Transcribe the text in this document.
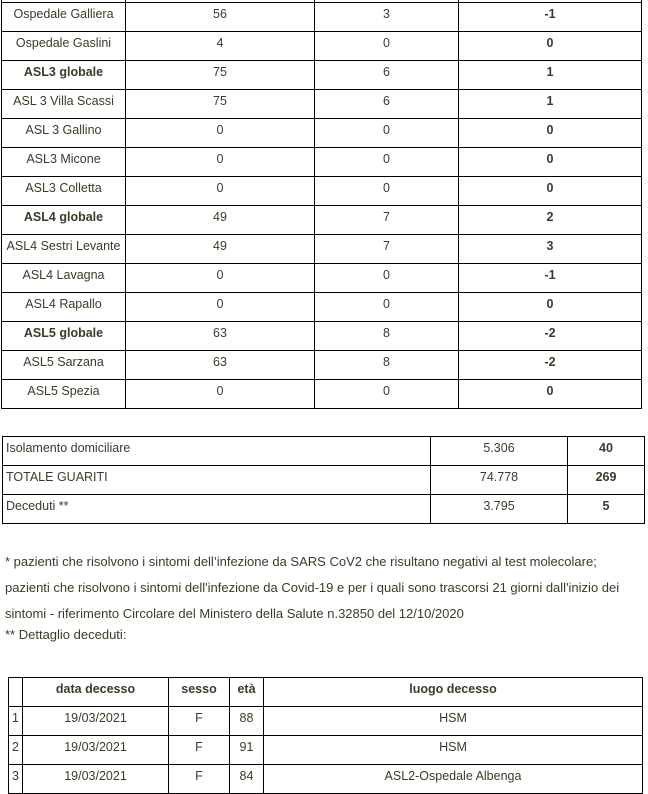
Ospedale Galliera	56	3	-1
Ospedale Gaslini	4	0	0
ASL3 globale	75	6	1
ASL 3 Villa Scassi	75	6	1
ASL 3 Gallino	0	0	0
ASL3 Micone	0	0	0
ASL3 Colletta	0	0	0
ASL4 globale	49	7	2
ASL4 Sestri Levante	49	7	3
ASL4 Lavagna	0	0	-1
ASL4 Rapallo	0	0	0
ASL5 globale	63	8	-2
ASL5 Sarzana	63	8	-2
ASL5 Spezia	0	0	0
Isolamento domiciliare	5.306	40
TOTALE GUARITI	74.778	269
Deceduti **	3.795	5

* pazienti che risolvono i sintomi dell’infezione da SARS CoV2 che risultano negativi al test molecolare; pazienti che risolvono i sintomi dell'infezione da Covid-19 e per i quali sono trascorsi 21 giorni dall'inizio dei sintomi - riferimento Circolare del Ministero della Salute n.32850 del 12/10/2020

** Dettaglio deceduti:

	data decesso	sesso	età	luogo decesso
1	19/03/2021	F	88	HSM
2	19/03/2021	F	91	HSM
3	19/03/2021	F	84	ASL2-Ospedale Albenga
